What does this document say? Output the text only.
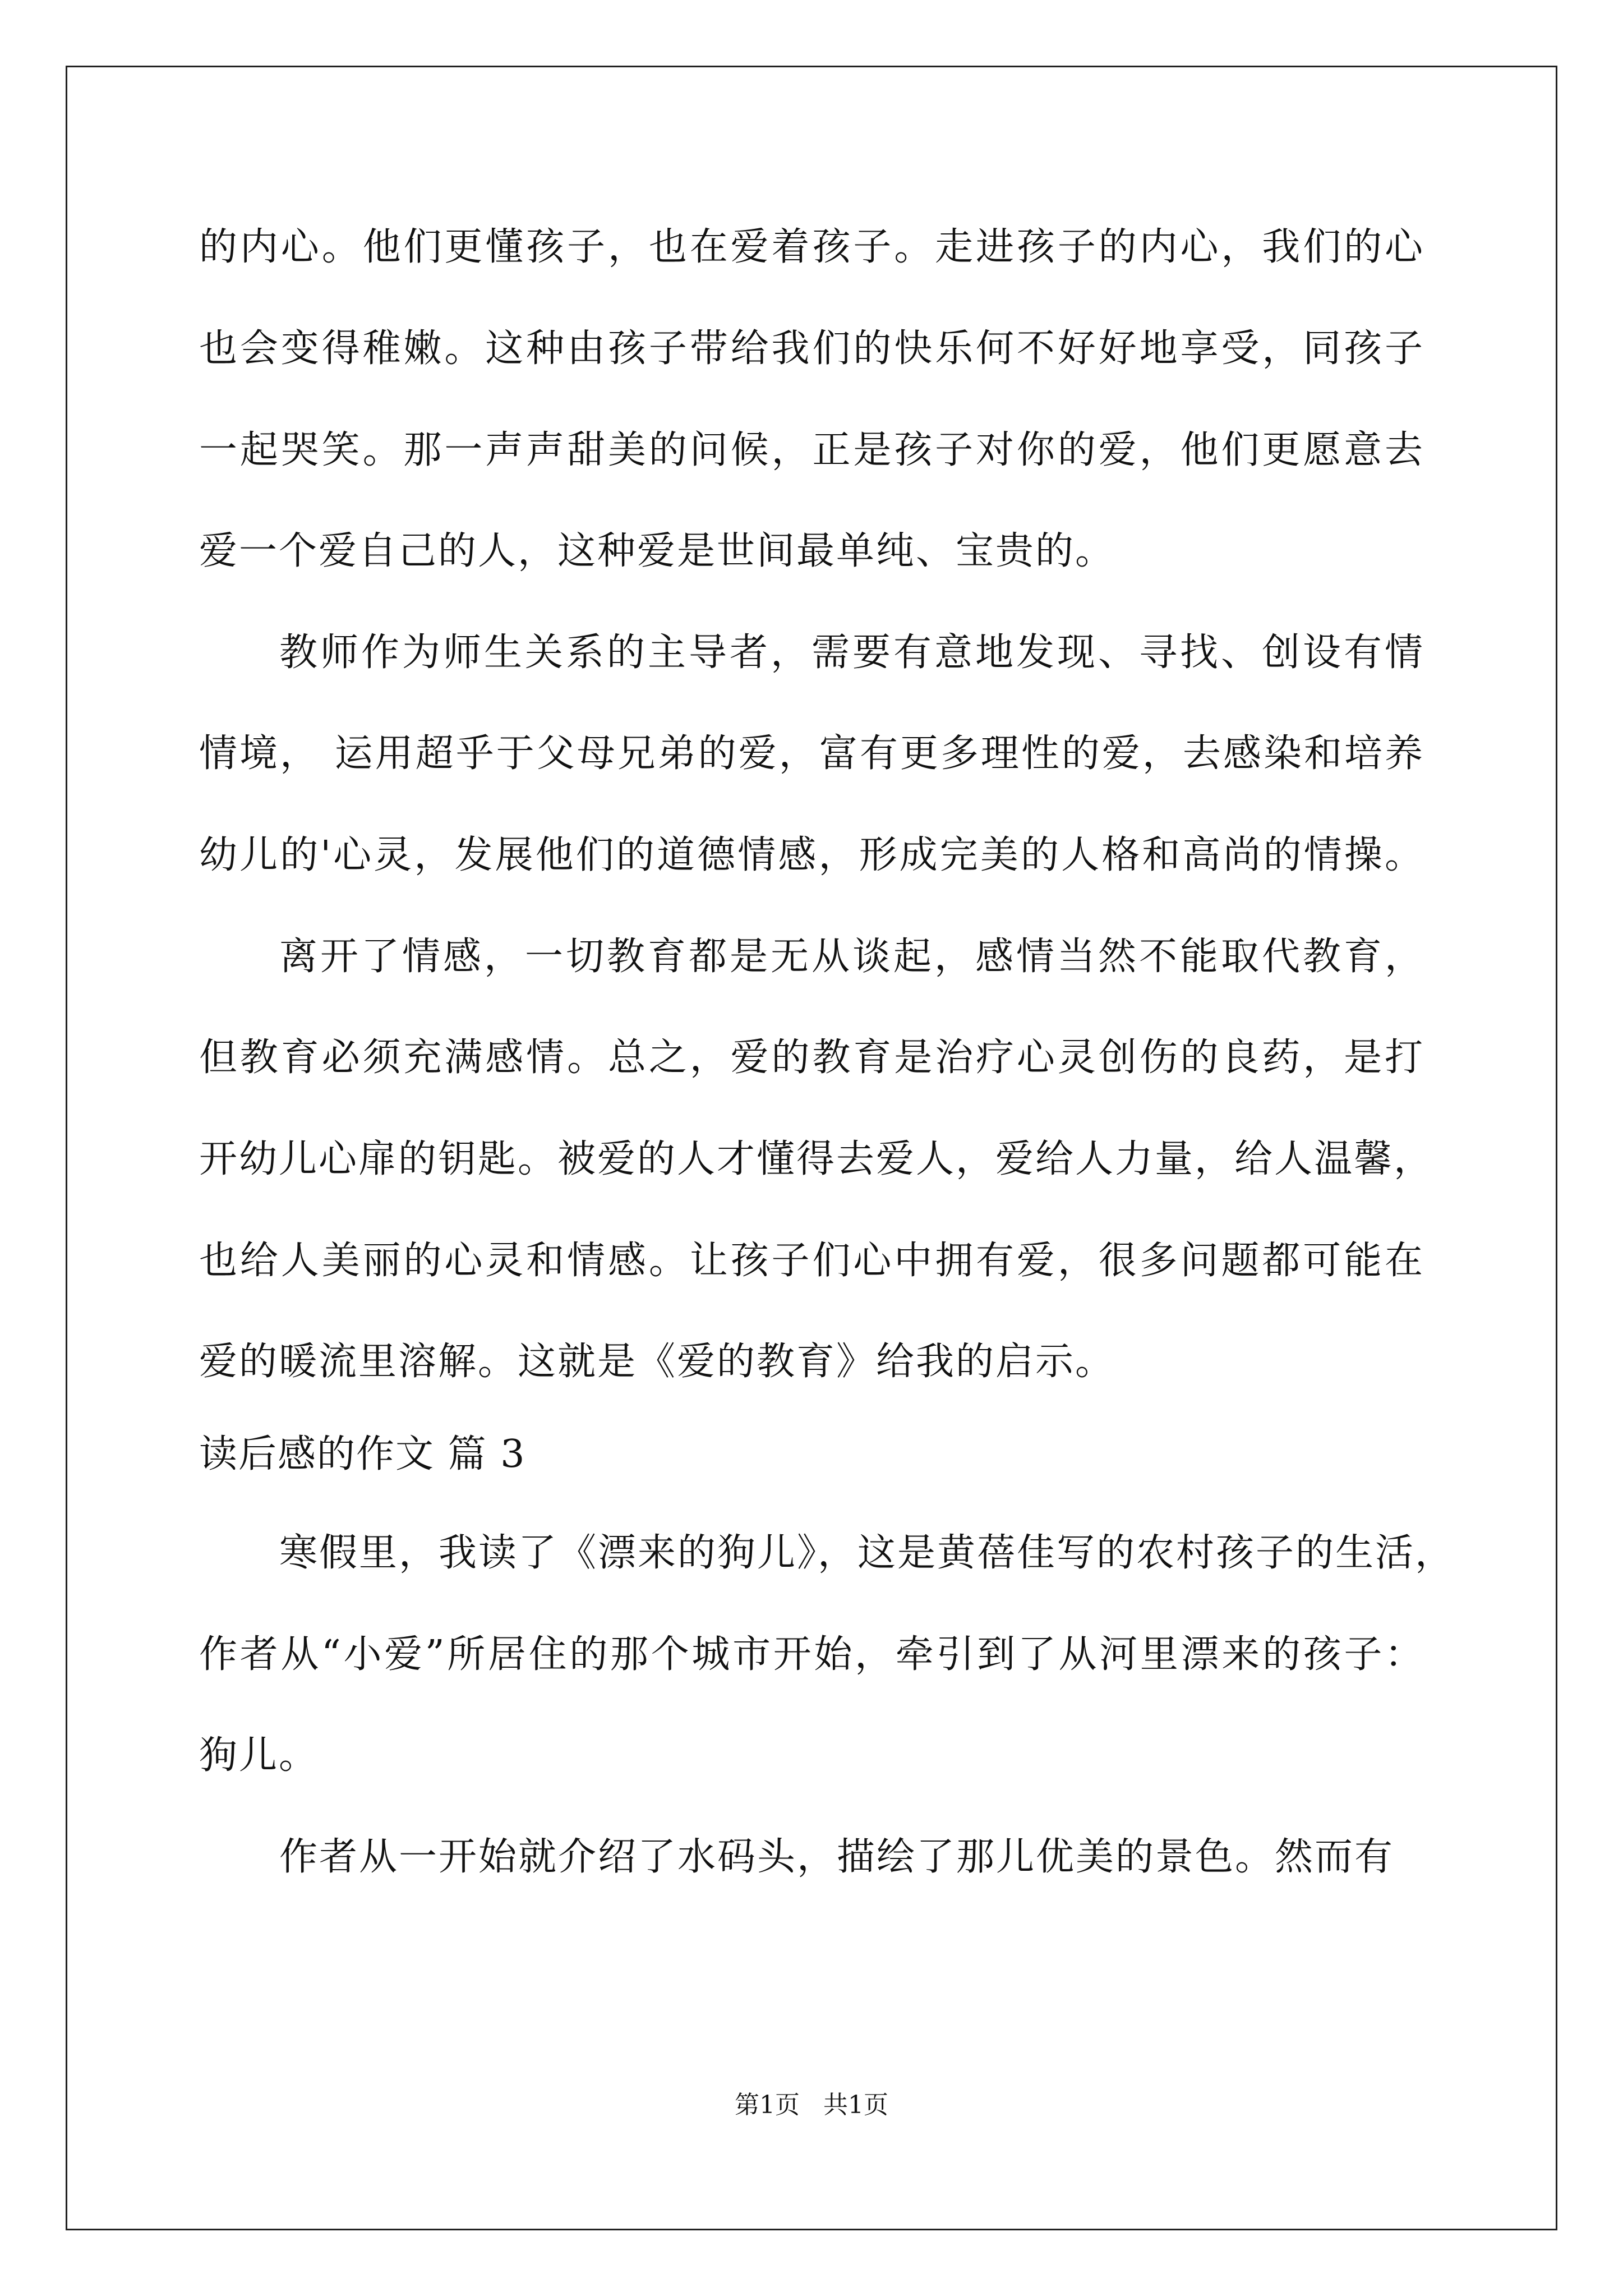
的内心。他们更懂孩子，也在爱着孩子。走进孩子的内心，我们的心
也会变得稚嫩。这种由孩子带给我们的快乐何不好好地享受，同孩子
一起哭笑。那一声声甜美的问候，正是孩子对你的爱，他们更愿意去
爱一个爱自己的人，这种爱是世间最单纯、宝贵的。
教师作为师生关系的主导者，需要有意地发现、寻找、创设有情
情境， 运用超乎于父母兄弟的爱，富有更多理性的爱，去感染和培养
幼儿的'心灵，发展他们的道德情感，形成完美的人格和高尚的情操。
离开了情感，一切教育都是无从谈起，感情当然不能取代教育，
但教育必须充满感情。总之，爱的教育是治疗心灵创伤的良药，是打
开幼儿心扉的钥匙。被爱的人才懂得去爱人，爱给人力量，给人温馨，
也给人美丽的心灵和情感。让孩子们心中拥有爱，很多问题都可能在
爱的暖流里溶解。这就是《爱的教育》给我的启示。
读后感的作文 篇 3
寒假里，我读了《漂来的狗儿》，这是黄蓓佳写的农村孩子的生活，
作者从“小爱”所居住的那个城市开始，牵引到了从河里漂来的孩子：
狗儿。
作者从一开始就介绍了水码头，描绘了那儿优美的景色。然而有
第1页   共1页
